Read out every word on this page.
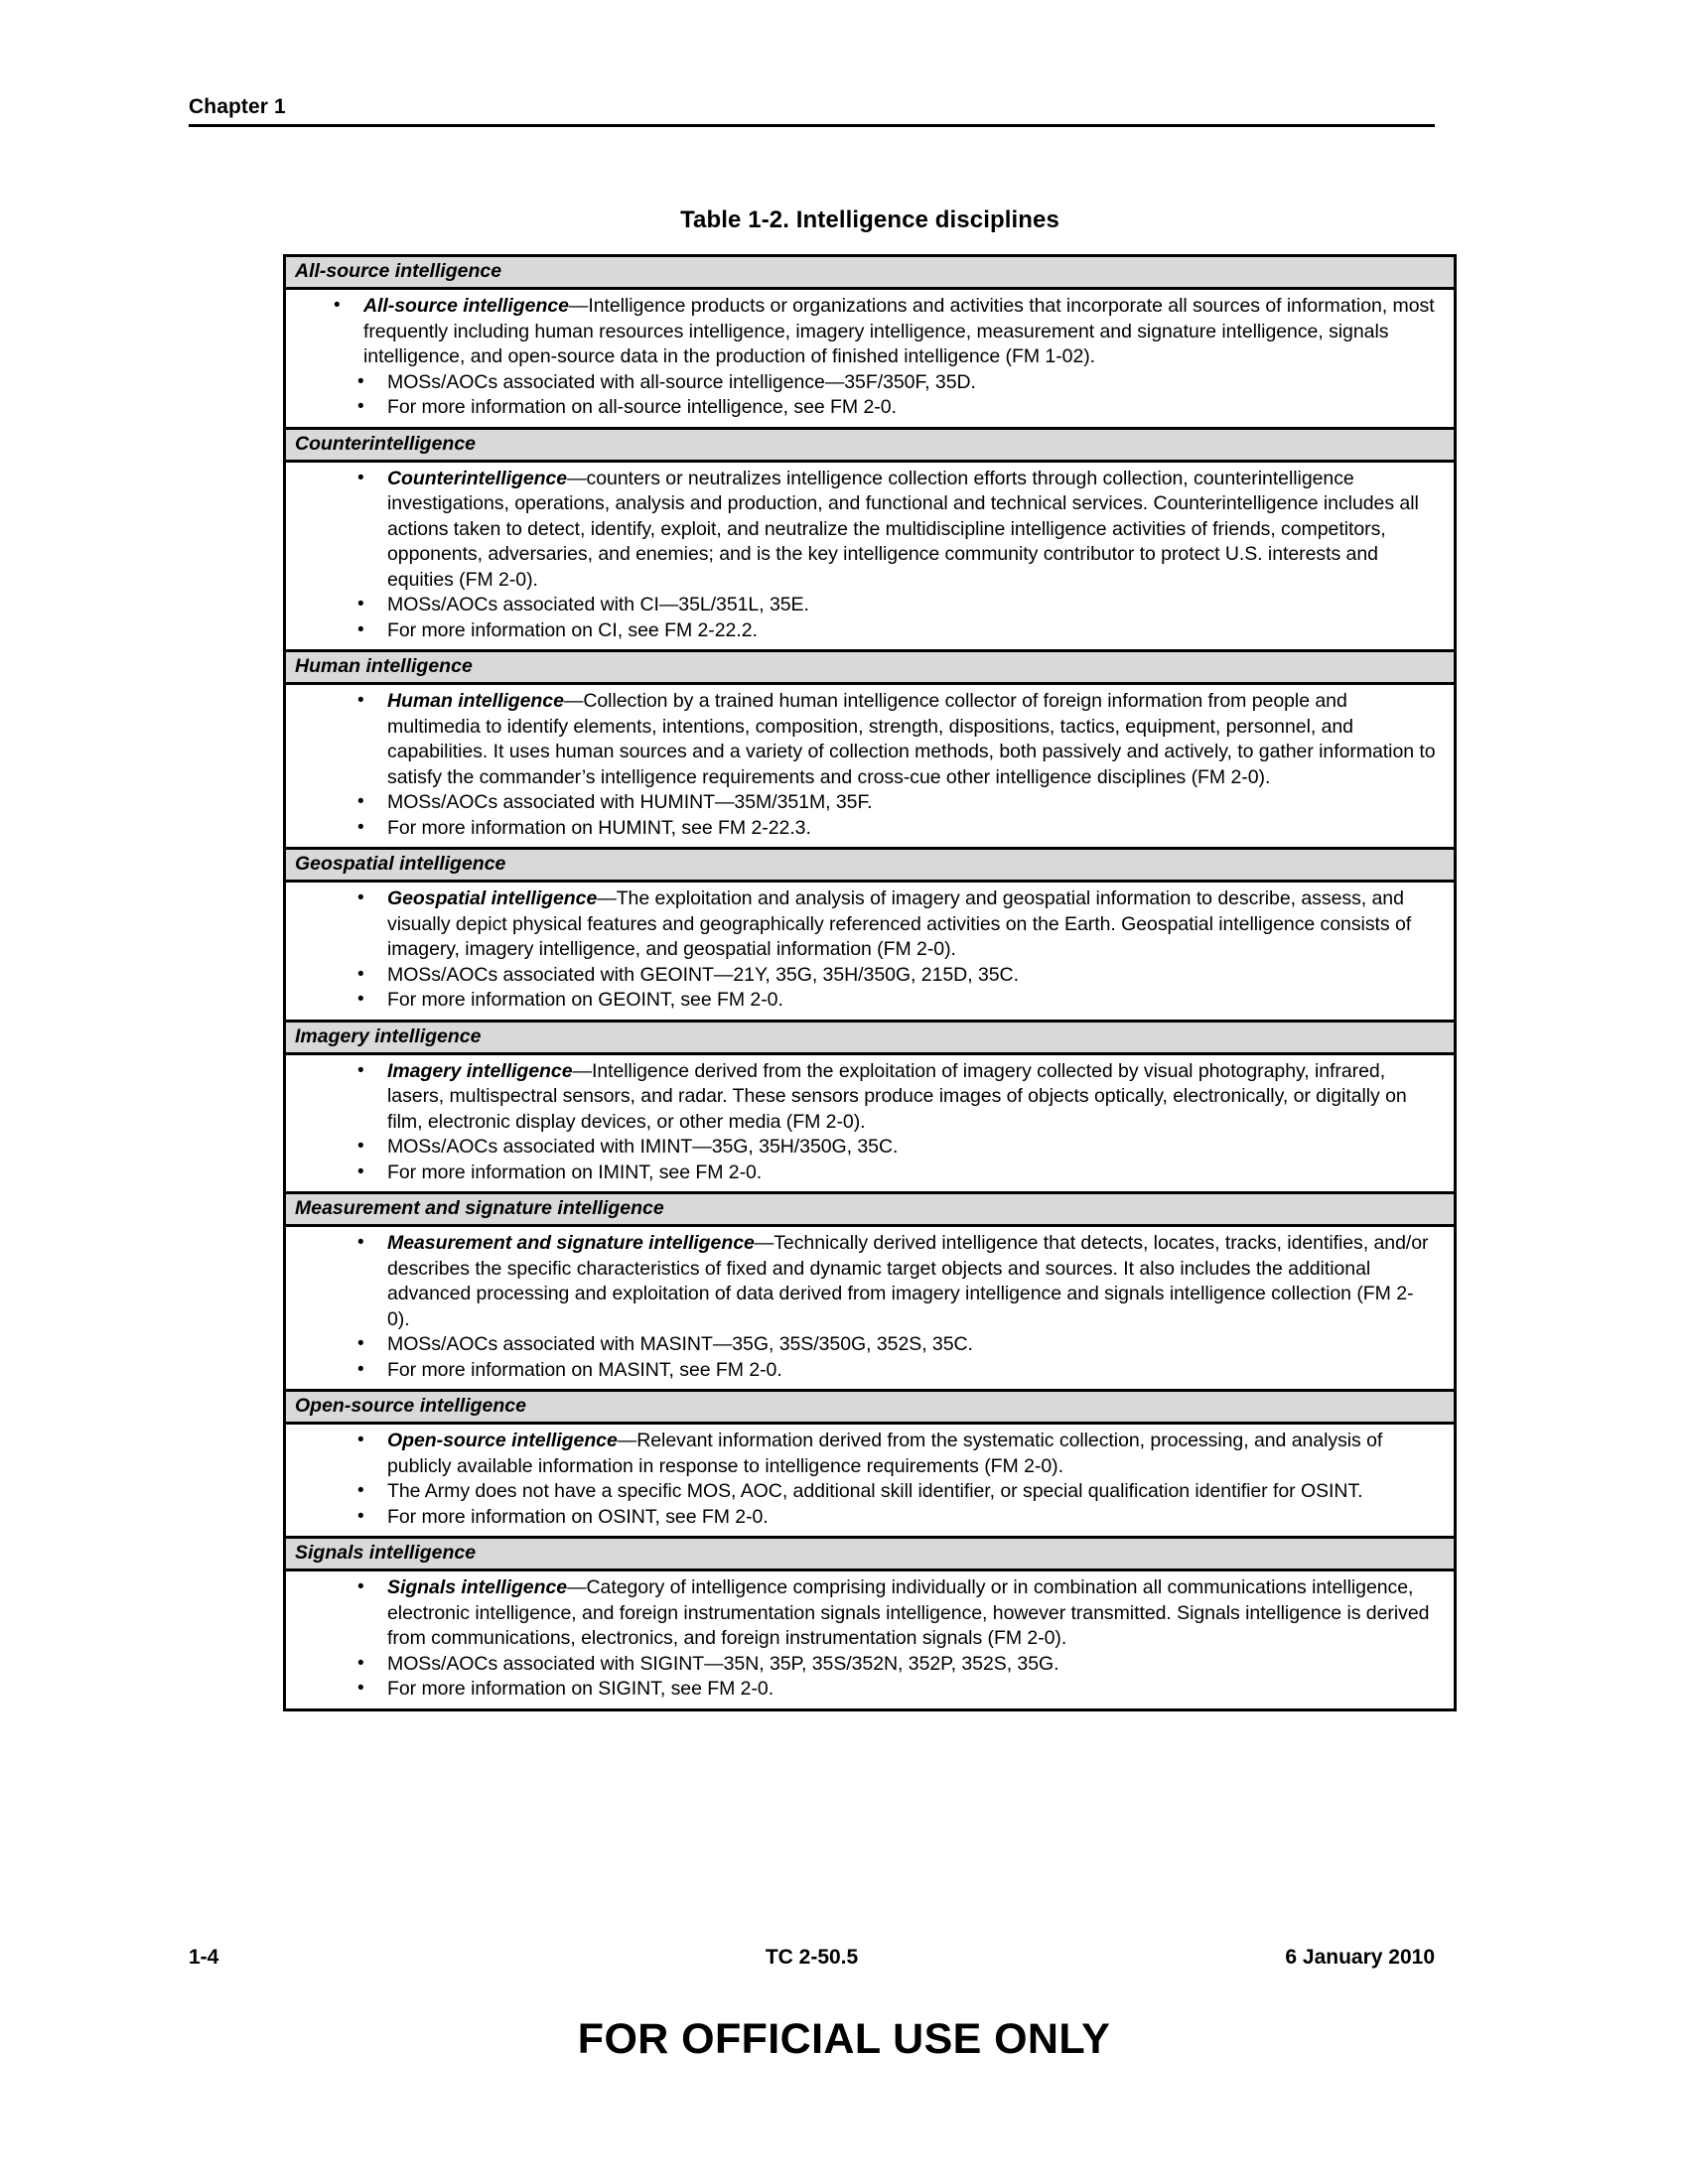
Chapter 1
Table 1-2. Intelligence disciplines
All-source intelligence
• All-source intelligence—Intelligence products or organizations and activities that incorporate all sources of information, most frequently including human resources intelligence, imagery intelligence, measurement and signature intelligence, signals intelligence, and open-source data in the production of finished intelligence (FM 1-02).
• MOSs/AOCs associated with all-source intelligence—35F/350F, 35D.
• For more information on all-source intelligence, see FM 2-0.
Counterintelligence
• Counterintelligence—counters or neutralizes intelligence collection efforts through collection, counterintelligence investigations, operations, analysis and production, and functional and technical services. Counterintelligence includes all actions taken to detect, identify, exploit, and neutralize the multidiscipline intelligence activities of friends, competitors, opponents, adversaries, and enemies; and is the key intelligence community contributor to protect U.S. interests and equities (FM 2-0).
• MOSs/AOCs associated with CI—35L/351L, 35E.
• For more information on CI, see FM 2-22.2.
Human intelligence
• Human intelligence—Collection by a trained human intelligence collector of foreign information from people and multimedia to identify elements, intentions, composition, strength, dispositions, tactics, equipment, personnel, and capabilities. It uses human sources and a variety of collection methods, both passively and actively, to gather information to satisfy the commander’s intelligence requirements and cross-cue other intelligence disciplines (FM 2-0).
• MOSs/AOCs associated with HUMINT—35M/351M, 35F.
• For more information on HUMINT, see FM 2-22.3.
Geospatial intelligence
• Geospatial intelligence—The exploitation and analysis of imagery and geospatial information to describe, assess, and visually depict physical features and geographically referenced activities on the Earth. Geospatial intelligence consists of imagery, imagery intelligence, and geospatial information (FM 2-0).
• MOSs/AOCs associated with GEOINT—21Y, 35G, 35H/350G, 215D, 35C.
• For more information on GEOINT, see FM 2-0.
Imagery intelligence
• Imagery intelligence—Intelligence derived from the exploitation of imagery collected by visual photography, infrared, lasers, multispectral sensors, and radar. These sensors produce images of objects optically, electronically, or digitally on film, electronic display devices, or other media (FM 2-0).
• MOSs/AOCs associated with IMINT—35G, 35H/350G, 35C.
• For more information on IMINT, see FM 2-0.
Measurement and signature intelligence
• Measurement and signature intelligence—Technically derived intelligence that detects, locates, tracks, identifies, and/or describes the specific characteristics of fixed and dynamic target objects and sources. It also includes the additional advanced processing and exploitation of data derived from imagery intelligence and signals intelligence collection (FM 2-0).
• MOSs/AOCs associated with MASINT—35G, 35S/350G, 352S, 35C.
• For more information on MASINT, see FM 2-0.
Open-source intelligence
• Open-source intelligence—Relevant information derived from the systematic collection, processing, and analysis of publicly available information in response to intelligence requirements (FM 2-0).
• The Army does not have a specific MOS, AOC, additional skill identifier, or special qualification identifier for OSINT.
• For more information on OSINT, see FM 2-0.
Signals intelligence
• Signals intelligence—Category of intelligence comprising individually or in combination all communications intelligence, electronic intelligence, and foreign instrumentation signals intelligence, however transmitted. Signals intelligence is derived from communications, electronics, and foreign instrumentation signals (FM 2-0).
• MOSs/AOCs associated with SIGINT—35N, 35P, 35S/352N, 352P, 352S, 35G.
• For more information on SIGINT, see FM 2-0.
1-4	TC 2-50.5	6 January 2010
FOR OFFICIAL USE ONLY
